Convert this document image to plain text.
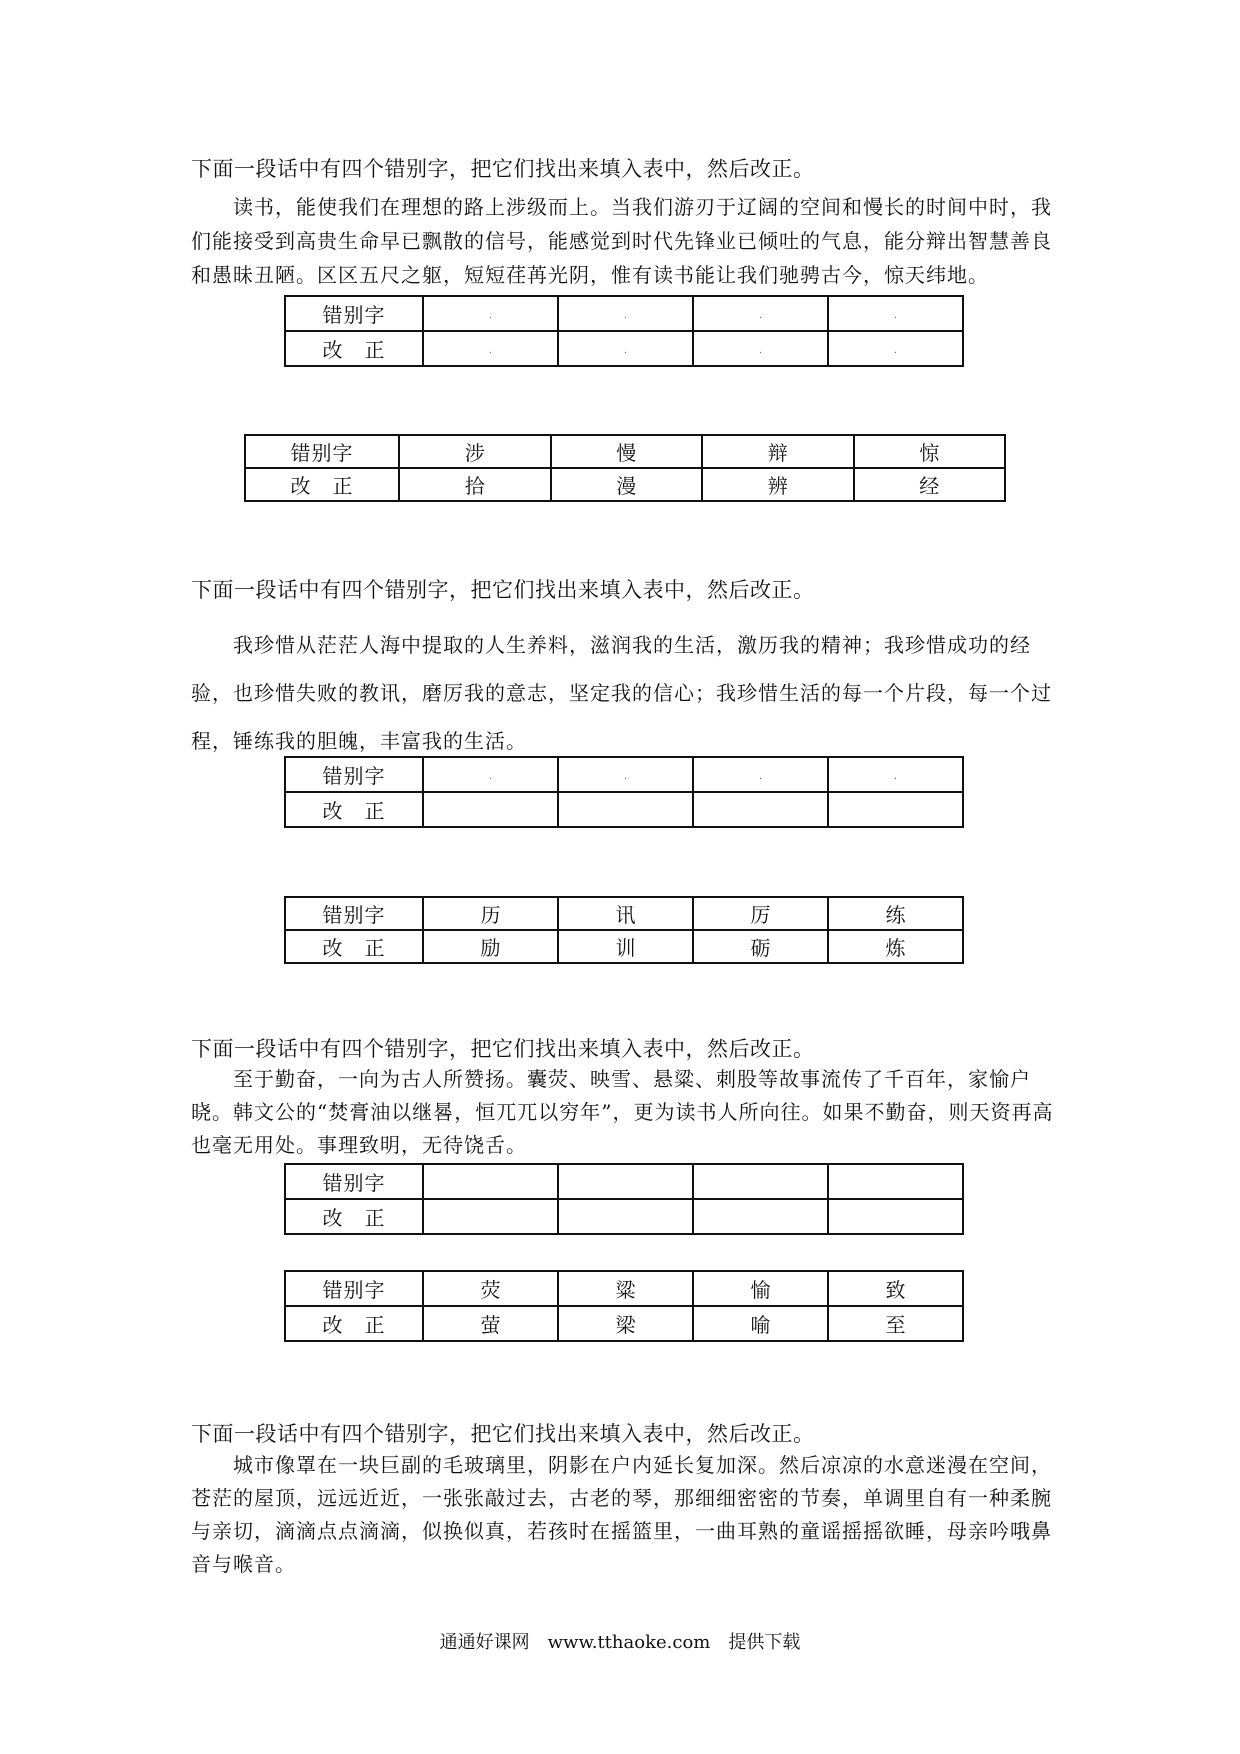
下面一段话中有四个错别字，把它们找出来填入表中，然后改正。

读书，能使我们在理想的路上涉级而上。当我们游刃于辽阔的空间和慢长的时间中时，我们能接受到高贵生命早已飘散的信号，能感觉到时代先锋业已倾吐的气息，能分辩出智慧善良和愚昧丑陋。区区五尺之躯，短短荏苒光阴，惟有读书能让我们驰骋古今，惊天纬地。

错别字	·	·	·	·
改　正	·	·	·	·
错别字	涉	慢	辩	惊
改　正	拾	漫	辨	经
下面一段话中有四个错别字，把它们找出来填入表中，然后改正。

我珍惜从茫茫人海中提取的人生养料，滋润我的生活，激历我的精神；我珍惜成功的经验，也珍惜失败的教讯，磨厉我的意志，坚定我的信心；我珍惜生活的每一个片段，每一个过程，锤练我的胆魄，丰富我的生活。

错别字	·	·	·	·
改　正				
错别字	历	讯	厉	练
改　正	励	训	砺	炼
下面一段话中有四个错别字，把它们找出来填入表中，然后改正。

至于勤奋，一向为古人所赞扬。囊荧、映雪、悬粱、刺股等故事流传了千百年，家愉户晓。韩文公的“焚膏油以继晷，恒兀兀以穷年”，更为读书人所向往。如果不勤奋，则天资再高也毫无用处。事理致明，无待饶舌。

错别字				
改　正				
错别字	荧	粱	愉	致
改　正	萤	梁	喻	至
下面一段话中有四个错别字，把它们找出来填入表中，然后改正。

城市像罩在一块巨副的毛玻璃里，阴影在户内延长复加深。然后凉凉的水意迷漫在空间，苍茫的屋顶，远远近近，一张张敲过去，古老的琴，那细细密密的节奏，单调里自有一种柔腕与亲切，滴滴点点滴滴，似换似真，若孩时在摇篮里，一曲耳熟的童谣摇摇欲睡，母亲吟哦鼻音与喉音。

通通好课网　www.tthaoke.com　提供下载
